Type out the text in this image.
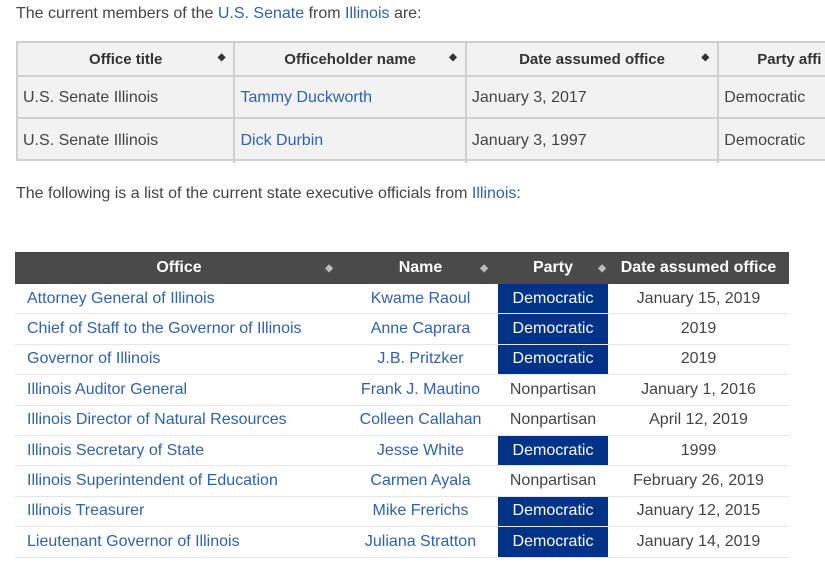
The current members of the U.S. Senate from Illinois are:
Office title	◆	Officeholder name	◆	Date assumed office	◆	Party affi
U.S. Senate Illinois	Tammy Duckworth	January 3, 2017	Democratic
U.S. Senate Illinois	Dick Durbin	January 3, 1997	Democratic
The following is a list of the current state executive officials from Illinois:
Office	◆	Name	◆	Party	◆ Date assumed office
Attorney General of Illinois	Kwame Raoul	Democratic	January 15, 2019
Chief of Staff to the Governor of Illinois	Anne Caprara	Democratic	2019
Governor of Illinois	J.B. Pritzker	Democratic	2019
Illinois Auditor General	Frank J. Mautino	Nonpartisan	January 1, 2016
Illinois Director of Natural Resources	Colleen Callahan	Nonpartisan	April 12, 2019
Illinois Secretary of State	Jesse White	Democratic	1999
Illinois Superintendent of Education	Carmen Ayala	Nonpartisan	February 26, 2019
Illinois Treasurer	Mike Frerichs	Democratic	January 12, 2015
Lieutenant Governor of Illinois	Juliana Stratton	Democratic	January 14, 2019
